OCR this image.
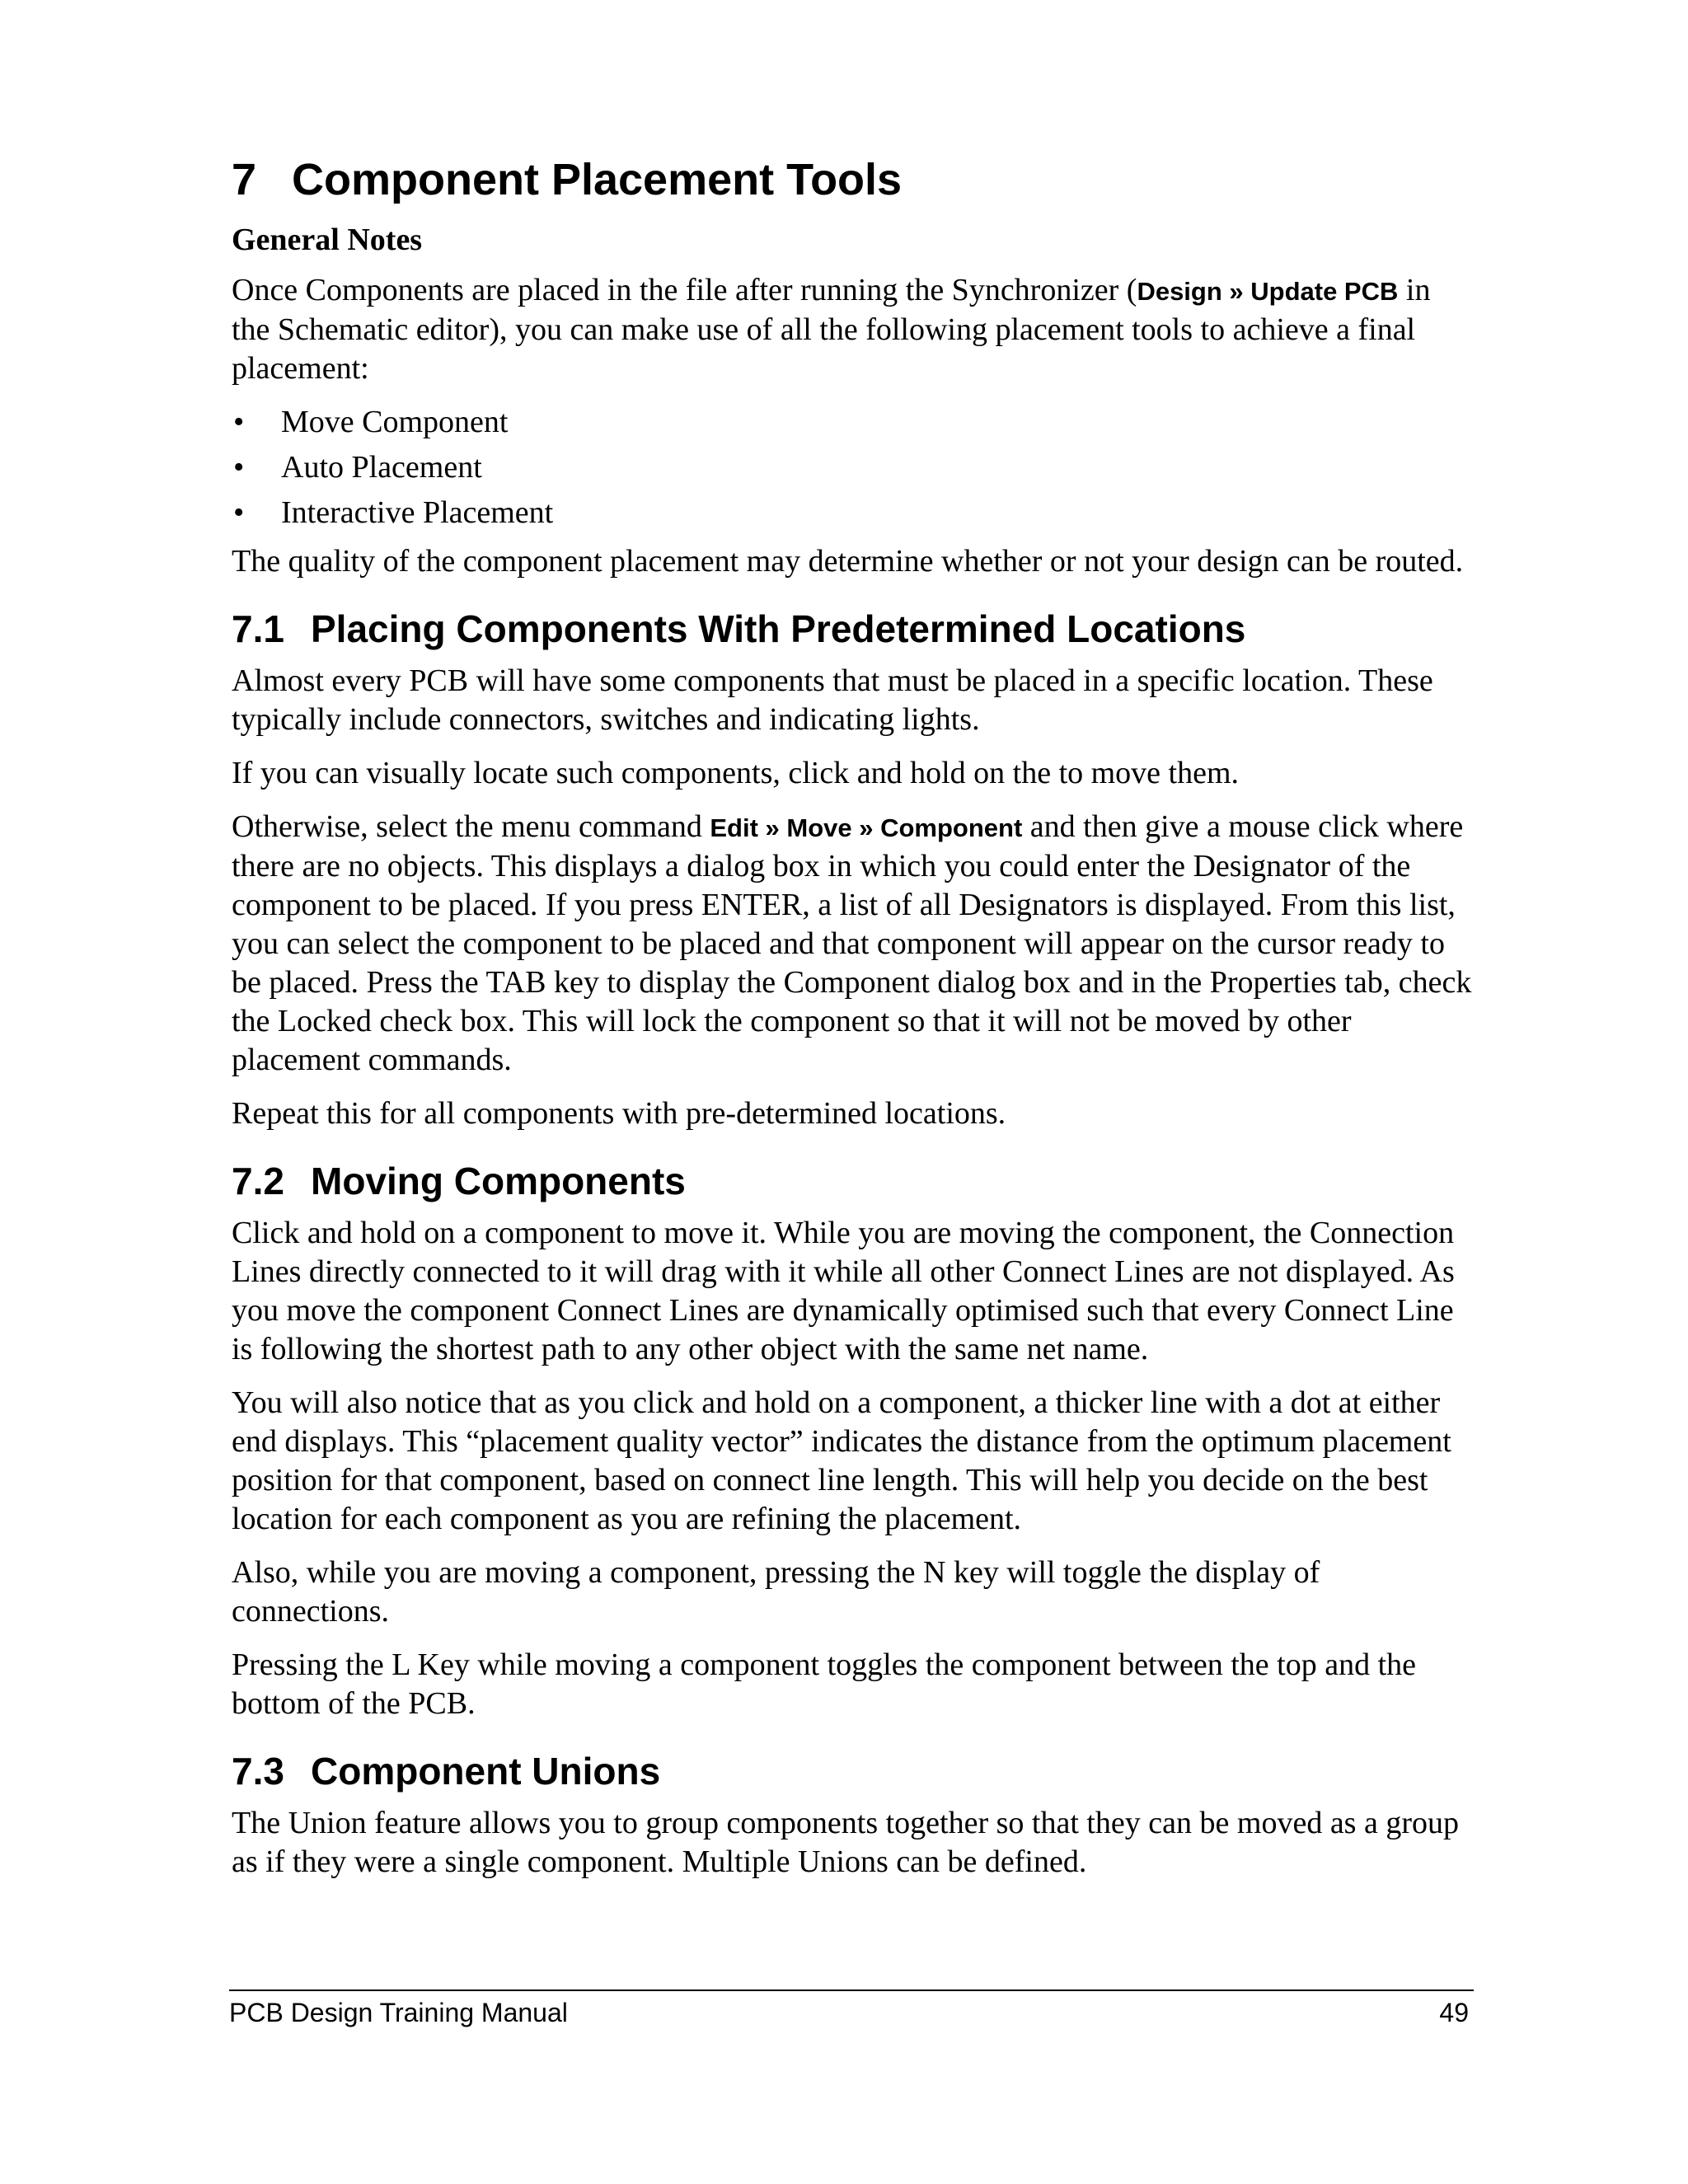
7 Component Placement Tools
General Notes

Once Components are placed in the file after running the Synchronizer (Design » Update PCB in the Schematic editor), you can make use of all the following placement tools to achieve a final placement:

• Move Component
• Auto Placement
• Interactive Placement

The quality of the component placement may determine whether or not your design can be routed.

7.1 Placing Components With Predetermined Locations

Almost every PCB will have some components that must be placed in a specific location. These typically include connectors, switches and indicating lights.

If you can visually locate such components, click and hold on the to move them.

Otherwise, select the menu command Edit » Move » Component and then give a mouse click where there are no objects. This displays a dialog box in which you could enter the Designator of the component to be placed. If you press ENTER, a list of all Designators is displayed. From this list, you can select the component to be placed and that component will appear on the cursor ready to be placed. Press the TAB key to display the Component dialog box and in the Properties tab, check the Locked check box. This will lock the component so that it will not be moved by other placement commands.

Repeat this for all components with pre-determined locations.

7.2 Moving Components

Click and hold on a component to move it. While you are moving the component, the Connection Lines directly connected to it will drag with it while all other Connect Lines are not displayed. As you move the component Connect Lines are dynamically optimised such that every Connect Line is following the shortest path to any other object with the same net name.

You will also notice that as you click and hold on a component, a thicker line with a dot at either end displays. This “placement quality vector” indicates the distance from the optimum placement position for that component, based on connect line length. This will help you decide on the best location for each component as you are refining the placement.

Also, while you are moving a component, pressing the N key will toggle the display of connections.

Pressing the L Key while moving a component toggles the component between the top and the bottom of the PCB.

7.3 Component Unions

The Union feature allows you to group components together so that they can be moved as a group as if they were a single component. Multiple Unions can be defined.

PCB Design Training Manual	49
